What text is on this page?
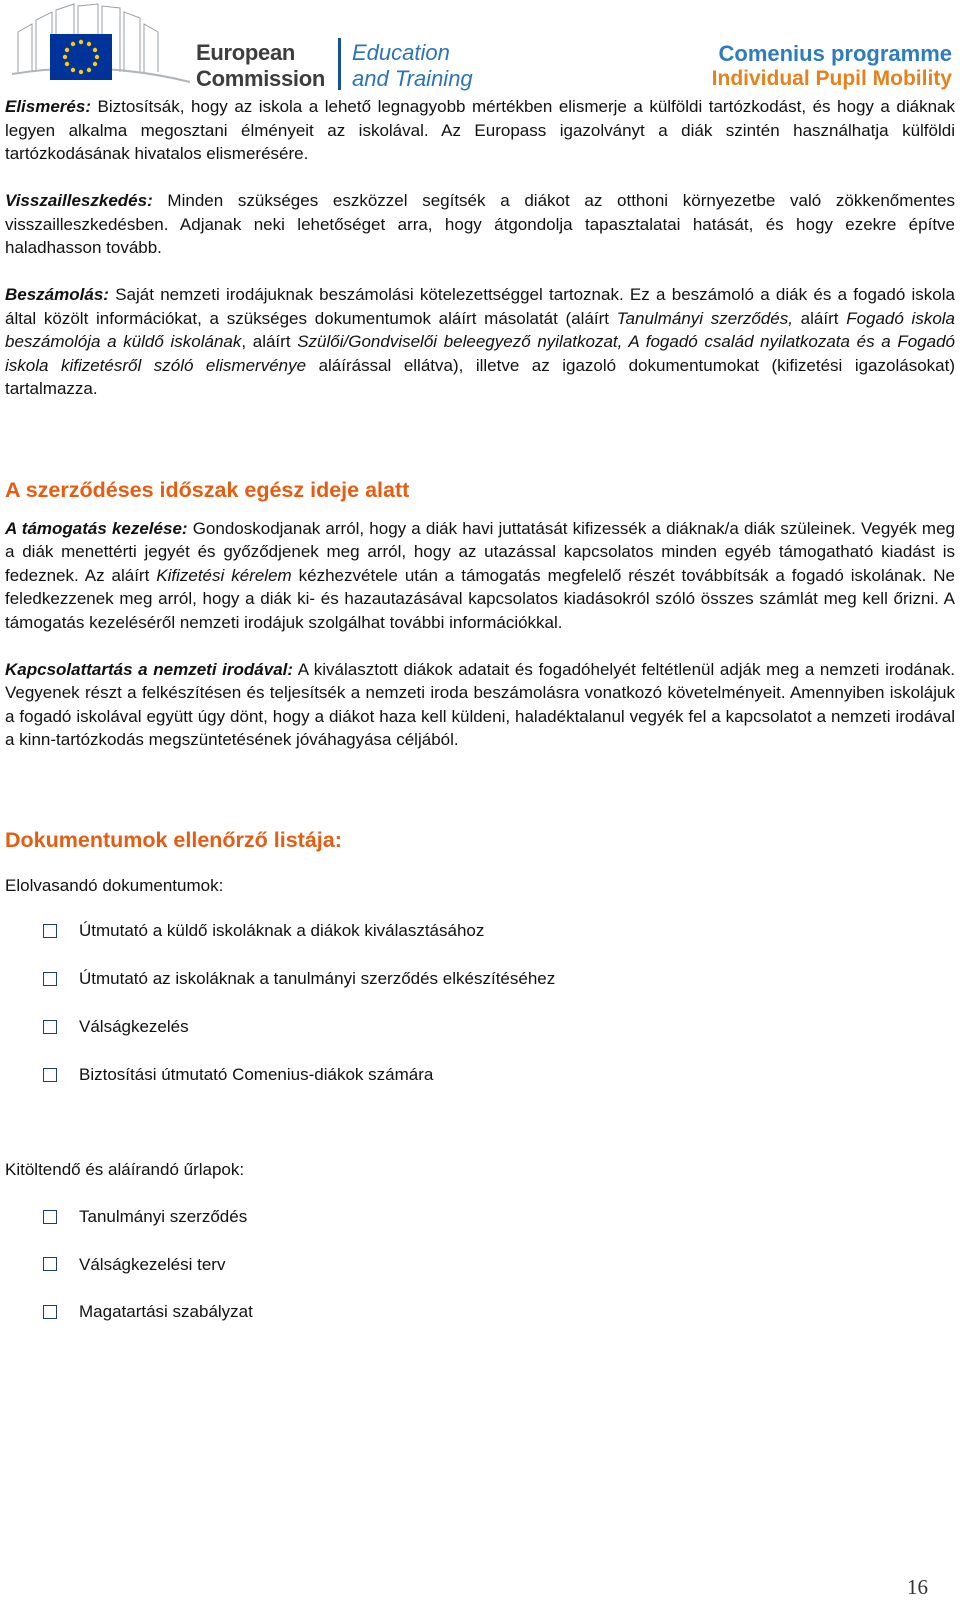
European
Commission
Education
and Training
Comenius programme
Individual Pupil Mobility

Elismerés: Biztosítsák, hogy az iskola a lehető legnagyobb mértékben elismerje a külföldi tartózkodást, és hogy a diáknak legyen alkalma megosztani élményeit az iskolával. Az Europass igazolványt a diák szintén használhatja külföldi tartózkodásának hivatalos elismerésére.

Visszailleszkedés: Minden szükséges eszközzel segítsék a diákot az otthoni környezetbe való zökkenőmentes visszailleszkedésben. Adjanak neki lehetőséget arra, hogy átgondolja tapasztalatai hatását, és hogy ezekre építve haladhasson tovább.

Beszámolás: Saját nemzeti irodájuknak beszámolási kötelezettséggel tartoznak. Ez a beszámoló a diák és a fogadó iskola által közölt információkat, a szükséges dokumentumok aláírt másolatát (aláírt Tanulmányi szerződés, aláírt Fogadó iskola beszámolója a küldő iskolának, aláírt Szülői/Gondviselői beleegyező nyilatkozat, A fogadó család nyilatkozata és a Fogadó iskola kifizetésről szóló elismervénye aláírással ellátva), illetve az igazoló dokumentumokat (kifizetési igazolásokat) tartalmazza.

A szerződéses időszak egész ideje alatt

A támogatás kezelése: Gondoskodjanak arról, hogy a diák havi juttatását kifizessék a diáknak/a diák szüleinek. Vegyék meg a diák menettérti jegyét és győződjenek meg arról, hogy az utazással kapcsolatos minden egyéb támogatható kiadást is fedeznek. Az aláírt Kifizetési kérelem kézhezvétele után a támogatás megfelelő részét továbbítsák a fogadó iskolának. Ne feledkezzenek meg arról, hogy a diák ki- és hazautazásával kapcsolatos kiadásokról szóló összes számlát meg kell őrizni. A támogatás kezeléséről nemzeti irodájuk szolgálhat további információkkal.

Kapcsolattartás a nemzeti irodával: A kiválasztott diákok adatait és fogadóhelyét feltétlenül adják meg a nemzeti irodának. Vegyenek részt a felkészítésen és teljesítsék a nemzeti iroda beszámolásra vonatkozó követelményeit. Amennyiben iskolájuk a fogadó iskolával együtt úgy dönt, hogy a diákot haza kell küldeni, haladéktalanul vegyék fel a kapcsolatot a nemzeti irodával a kinn-tartózkodás megszüntetésének jóváhagyása céljából.

Dokumentumok ellenőrző listája:
Elolvasandó dokumentumok:
Útmutató a küldő iskoláknak a diákok kiválasztásához
Útmutató az iskoláknak a tanulmányi szerződés elkészítéséhez
Válságkezelés
Biztosítási útmutató Comenius-diákok számára
Kitöltendő és aláírandó űrlapok:
Tanulmányi szerződés
Válságkezelési terv
Magatartási szabályzat
16
